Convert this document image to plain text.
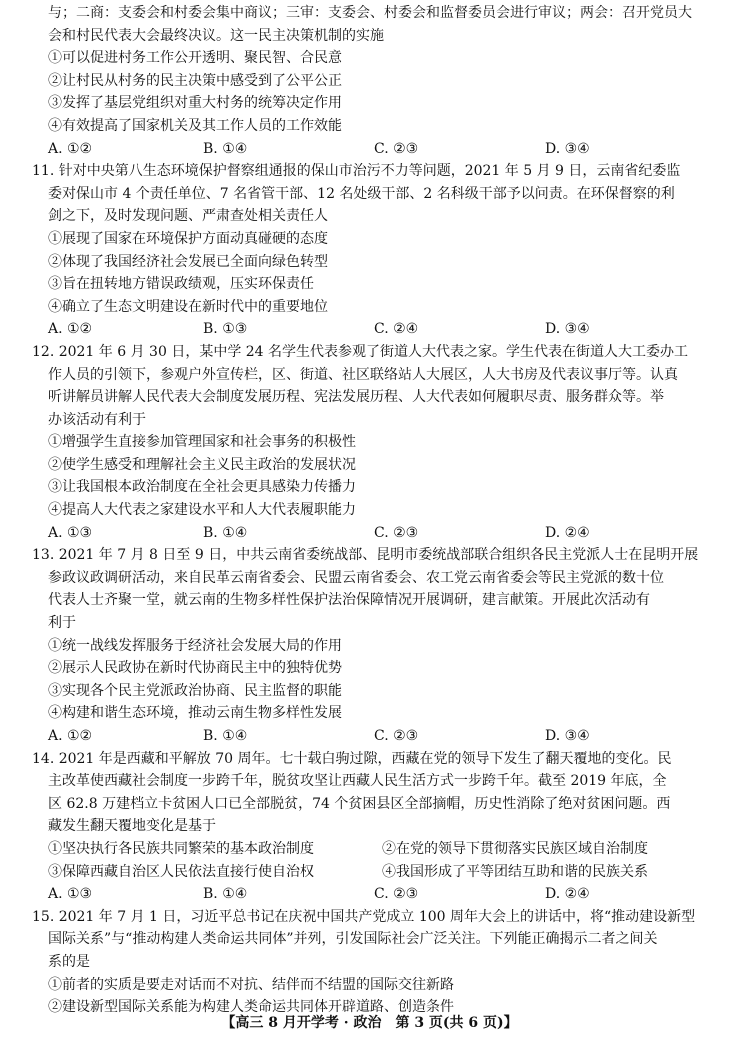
与；二商：支委会和村委会集中商议；三审：支委会、村委会和监督委员会进行审议；两会：召开党员大

会和村民代表大会最终决议。这一民主决策机制的实施

①可以促进村务工作公开透明、聚民智、合民意

②让村民从村务的民主决策中感受到了公平公正

③发挥了基层党组织对重大村务的统筹决定作用

④有效提高了国家机关及其工作人员的工作效能

A. ①②	B. ①④	C. ②③	D. ③④

11. 针对中央第八生态环境保护督察组通报的保山市治污不力等问题，2021 年 5 月 9 日，云南省纪委监

委对保山市 4 个责任单位、7 名省管干部、12 名处级干部、2 名科级干部予以问责。在环保督察的利

剑之下，及时发现问题、严肃查处相关责任人

①展现了国家在环境保护方面动真碰硬的态度

②体现了我国经济社会发展已全面向绿色转型

③旨在扭转地方错误政绩观，压实环保责任

④确立了生态文明建设在新时代中的重要地位

A. ①②	B. ①③	C. ②④	D. ③④

12. 2021 年 6 月 30 日，某中学 24 名学生代表参观了街道人大代表之家。学生代表在街道人大工委办工

作人员的引领下，参观户外宣传栏，区、街道、社区联络站人大展区，人大书房及代表议事厅等。认真

听讲解员讲解人民代表大会制度发展历程、宪法发展历程、人大代表如何履职尽责、服务群众等。举

办该活动有利于

①增强学生直接参加管理国家和社会事务的积极性

②使学生感受和理解社会主义民主政治的发展状况

③让我国根本政治制度在全社会更具感染力传播力

④提高人大代表之家建设水平和人大代表履职能力

A. ①③	B. ①④	C. ②③	D. ②④

13. 2021 年 7 月 8 日至 9 日，中共云南省委统战部、昆明市委统战部联合组织各民主党派人士在昆明开展

参政议政调研活动，来自民革云南省委会、民盟云南省委会、农工党云南省委会等民主党派的数十位

代表人士齐聚一堂，就云南的生物多样性保护法治保障情况开展调研，建言献策。开展此次活动有

利于

①统一战线发挥服务于经济社会发展大局的作用

②展示人民政协在新时代协商民主中的独特优势

③实现各个民主党派政治协商、民主监督的职能

④构建和谐生态环境，推动云南生物多样性发展

A. ①②	B. ①④	C. ②③	D. ③④

14. 2021 年是西藏和平解放 70 周年。七十载白驹过隙，西藏在党的领导下发生了翻天覆地的变化。民

主改革使西藏社会制度一步跨千年，脱贫攻坚让西藏人民生活方式一步跨千年。截至 2019 年底，全

区 62.8 万建档立卡贫困人口已全部脱贫，74 个贫困县区全部摘帽，历史性消除了绝对贫困问题。西

藏发生翻天覆地变化是基于

①坚决执行各民族共同繁荣的基本政治制度	②在党的领导下贯彻落实民族区域自治制度
③保障西藏自治区人民依法直接行使自治权	④我国形成了平等团结互助和谐的民族关系
A. ①③	B. ①④	C. ②③	D. ②④

15. 2021 年 7 月 1 日，习近平总书记在庆祝中国共产党成立 100 周年大会上的讲话中，将“推动建设新型

国际关系”与“推动构建人类命运共同体”并列，引发国际社会广泛关注。下列能正确揭示二者之间关

系的是

①前者的实质是要走对话而不对抗、结伴而不结盟的国际交往新路

②建设新型国际关系能为构建人类命运共同体开辟道路、创造条件

【高三 8 月开学考 · 政治　第 3 页(共 6 页)】
